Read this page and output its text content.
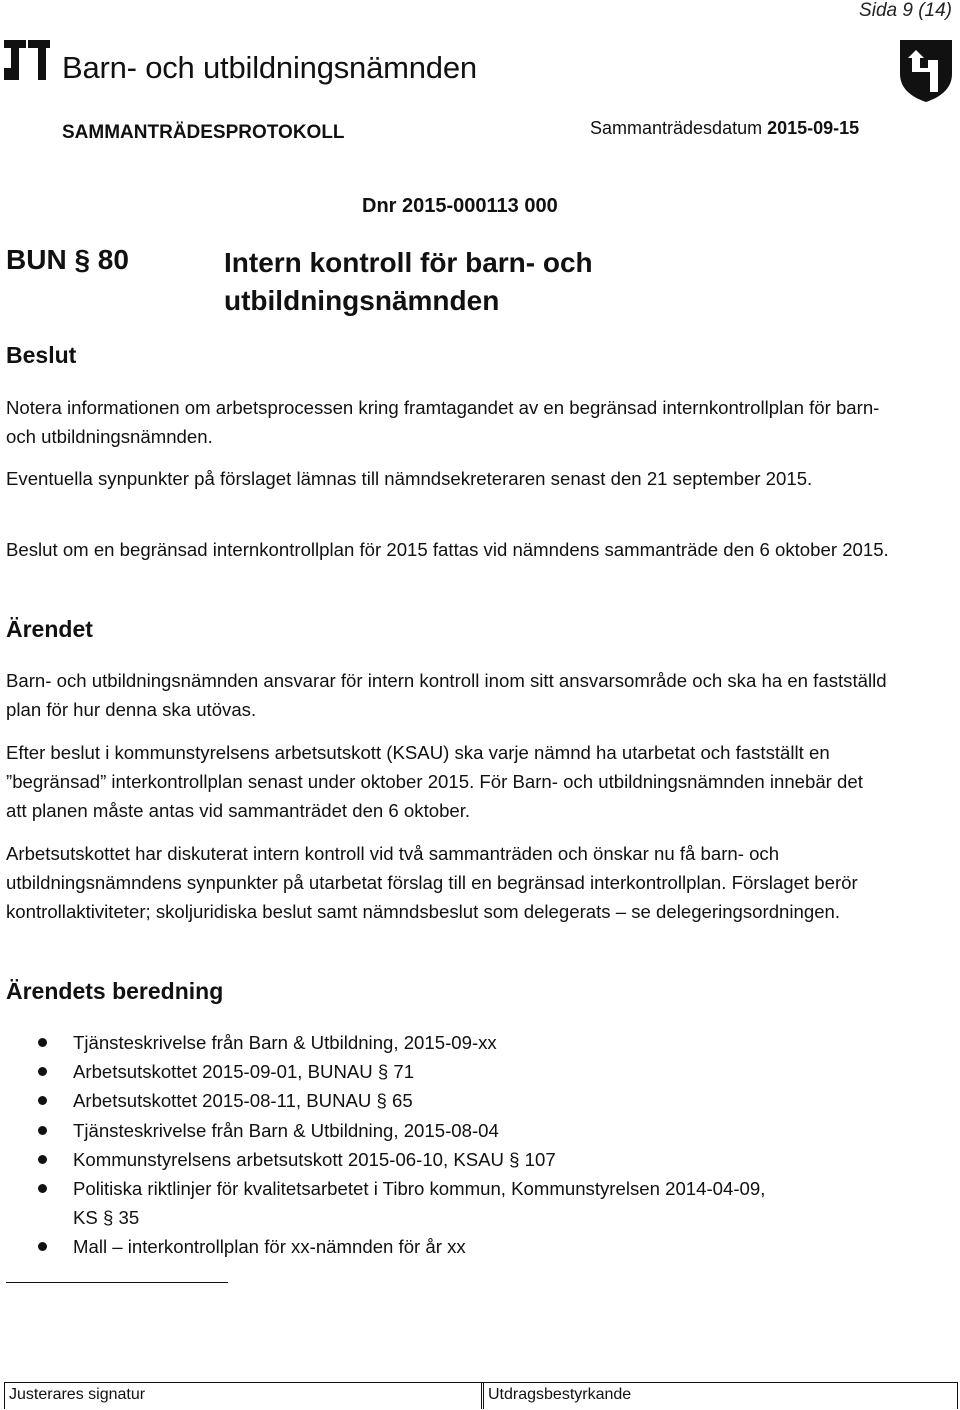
Sida 9 (14)
Barn- och utbildningsnämnden
SAMMANTRÄDESPROTOKOLL	Sammanträdesdatum 2015-09-15
Dnr 2015-000113 000
BUN § 80	Intern kontroll för barn- och utbildningsnämnden
Beslut
Notera informationen om arbetsprocessen kring framtagandet av en begränsad internkontrollplan för barn- och utbildningsnämnden.
Eventuella synpunkter på förslaget lämnas till nämndsekreteraren senast den 21 september 2015.
Beslut om en begränsad internkontrollplan för 2015 fattas vid nämndens sammanträde den 6 oktober 2015.
Ärendet
Barn- och utbildningsnämnden ansvarar för intern kontroll inom sitt ansvarsområde och ska ha en fastställd plan för hur denna ska utövas.
Efter beslut i kommunstyrelsens arbetsutskott (KSAU) ska varje nämnd ha utarbetat och fastställt en ”begränsad” interkontrollplan senast under oktober 2015. För Barn- och utbildningsnämnden innebär det att planen måste antas vid sammanträdet den 6 oktober.
Arbetsutskottet har diskuterat intern kontroll vid två sammanträden och önskar nu få barn- och utbildningsnämndens synpunkter på utarbetat förslag till en begränsad interkontrollplan. Förslaget berör kontrollaktiviteter; skoljuridiska beslut samt nämndsbeslut som delegerats – se delegeringsordningen.
Ärendets beredning
Tjänsteskrivelse från Barn & Utbildning, 2015-09-xx
Arbetsutskottet 2015-09-01, BUNAU § 71
Arbetsutskottet 2015-08-11, BUNAU § 65
Tjänsteskrivelse från Barn & Utbildning, 2015-08-04
Kommunstyrelsens arbetsutskott 2015-06-10, KSAU § 107
Politiska riktlinjer för kvalitetsarbetet i Tibro kommun, Kommunstyrelsen 2014-04-09, KS § 35
Mall – interkontrollplan för xx-nämnden för år xx
Justerares signatur	Utdragsbestyrkande
